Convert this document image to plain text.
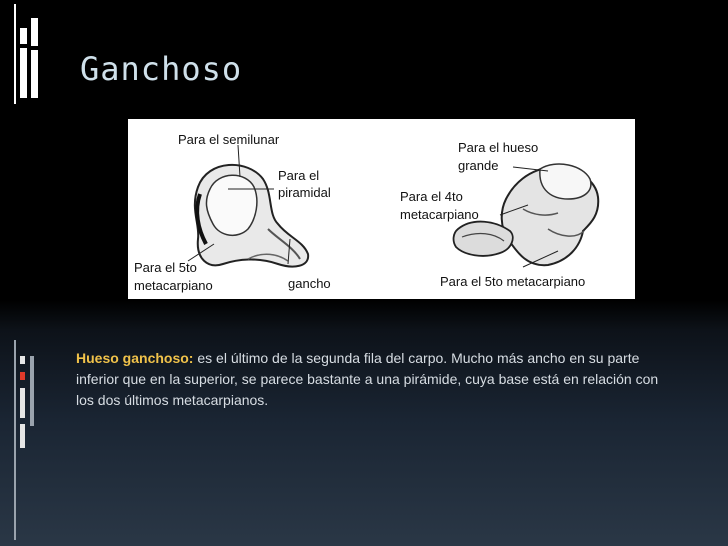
Ganchoso
Para el semilunar
Para el
piramidal
Para el 5to
metacarpiano	gancho
Para el hueso
grande
Para el 4to
metacarpiano
Para el 5to metacarpiano
Hueso ganchoso: es el último de la segunda fila del carpo. Mucho más ancho en su parte inferior que en la superior, se parece bastante a una pirámide, cuya base está en relación con los dos últimos metacarpianos.
